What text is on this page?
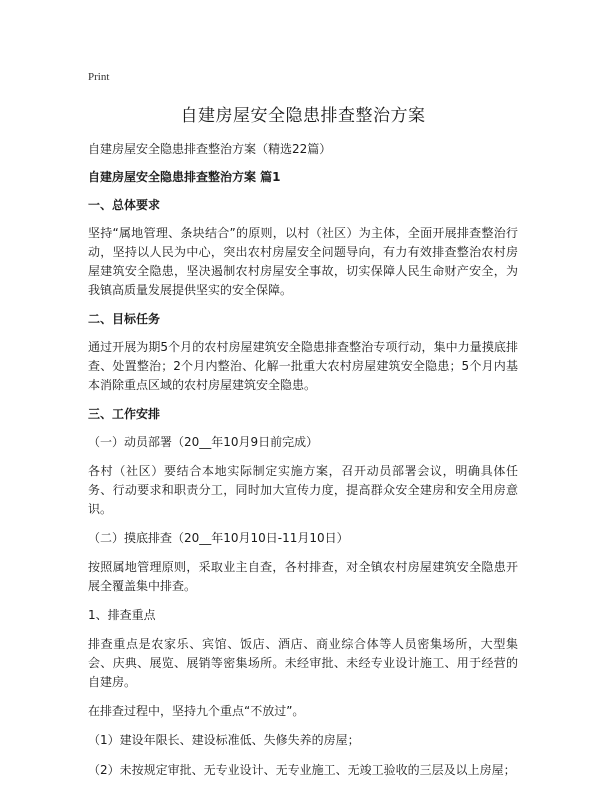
Print
自建房屋安全隐患排查整治方案

自建房屋安全隐患排查整治方案（精选22篇）

自建房屋安全隐患排查整治方案 篇1

一、总体要求

坚持“属地管理、条块结合”的原则，以村（社区）为主体，全面开展排查整治行动，坚持以人民为中心，突出农村房屋安全问题导向，有力有效排查整治农村房屋建筑安全隐患，坚决遏制农村房屋安全事故，切实保障人民生命财产安全，为我镇高质量发展提供坚实的安全保障。

二、目标任务

通过开展为期5个月的农村房屋建筑安全隐患排查整治专项行动，集中力量摸底排查、处置整治；2个月内整治、化解一批重大农村房屋建筑安全隐患；5个月内基本消除重点区域的农村房屋建筑安全隐患。

三、工作安排

（一）动员部署（20__年10月9日前完成）

各村（社区）要结合本地实际制定实施方案，召开动员部署会议，明确具体任务、行动要求和职责分工，同时加大宣传力度，提高群众安全建房和安全用房意识。

（二）摸底排查（20__年10月10日-11月10日）

按照属地管理原则，采取业主自查，各村排查，对全镇农村房屋建筑安全隐患开展全覆盖集中排查。

1、排查重点

排查重点是农家乐、宾馆、饭店、酒店、商业综合体等人员密集场所，大型集会、庆典、展览、展销等密集场所。未经审批、未经专业设计施工、用于经营的自建房。

在排查过程中，坚持九个重点“不放过”。

（1）建设年限长、建设标准低、失修失养的房屋；

（2）未按规定审批、无专业设计、无专业施工、无竣工验收的三层及以上房屋；
